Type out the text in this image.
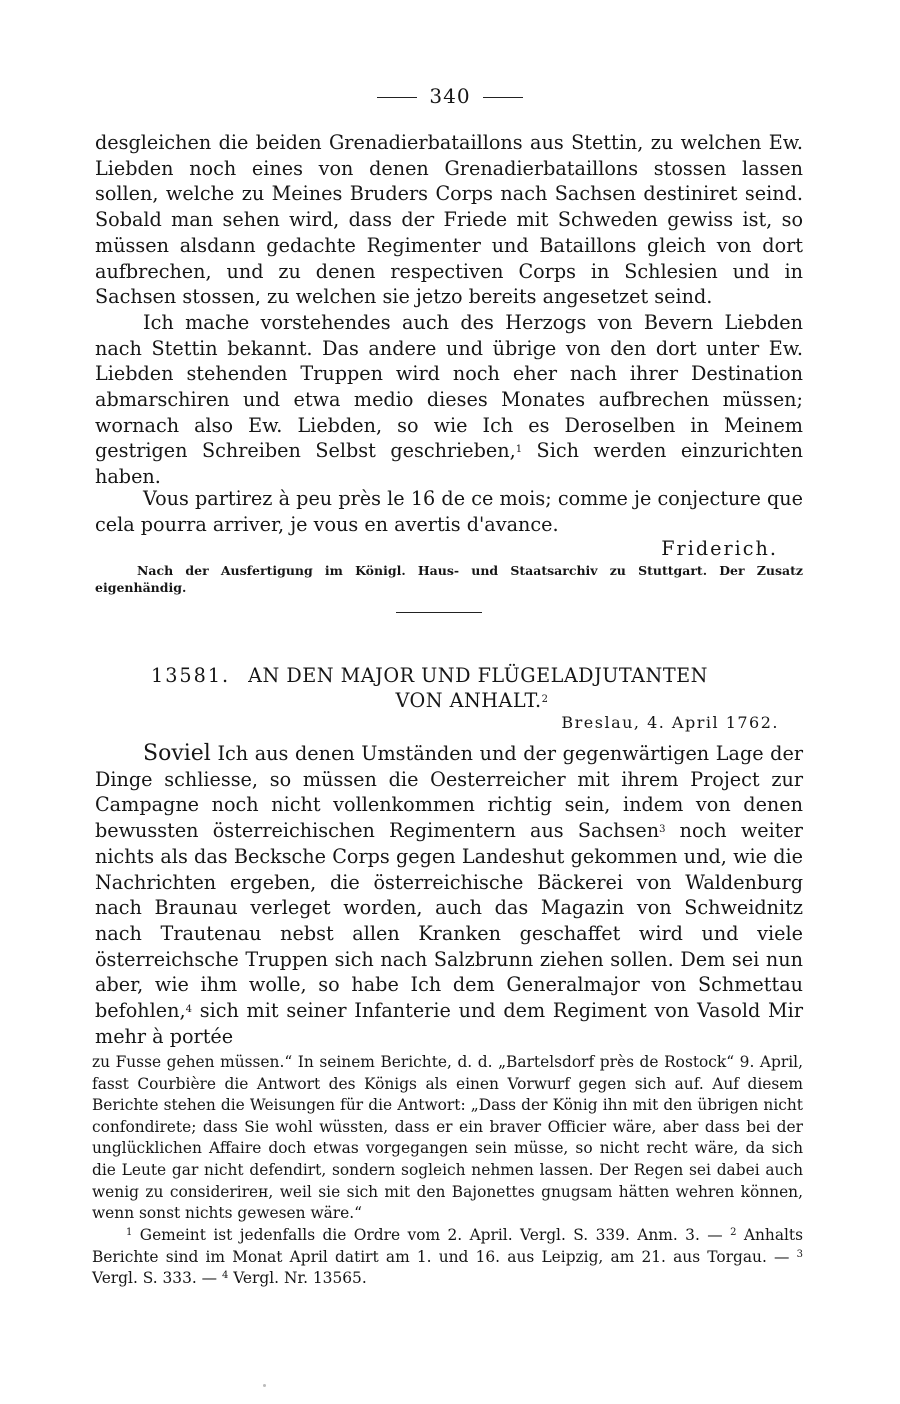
340

desgleichen die beiden Grenadierbataillons aus Stettin, zu welchen Ew. Liebden noch eines von denen Grenadierbataillons stossen lassen sollen, welche zu Meines Bruders Corps nach Sachsen destiniret seind. Sobald man sehen wird, dass der Friede mit Schweden gewiss ist, so müssen alsdann gedachte Regimenter und Bataillons gleich von dort aufbrechen, und zu denen respectiven Corps in Schlesien und in Sachsen stossen, zu welchen sie jetzo bereits angesetzet seind.

Ich mache vorstehendes auch des Herzogs von Bevern Liebden nach Stettin bekannt. Das andere und übrige von den dort unter Ew. Liebden stehenden Truppen wird noch eher nach ihrer Destination abmarschiren und etwa medio dieses Monates aufbrechen müssen; wornach also Ew. Liebden, so wie Ich es Deroselben in Meinem gestrigen Schreiben Selbst geschrieben,$^1$ Sich werden einzurichten haben.

Vous partirez à peu près le 16 de ce mois; comme je conjecture que cela pourra arriver, je vous en avertis d'avance.
Friderich.
Nach der Ausfertigung im Königl. Haus- und Staatsarchiv zu Stuttgart. Der Zusatz eigenhändig.
13581. AN DEN MAJOR UND FLÜGELADJUTANTEN
VON ANHALT.$^2$
Breslau, 4. April 1762.

Soviel Ich aus denen Umständen und der gegenwärtigen Lage der Dinge schliesse, so müssen die Oesterreicher mit ihrem Project zur Campagne noch nicht vollenkommen richtig sein, indem von denen bewussten österreichischen Regimentern aus Sachsen$^3$ noch weiter nichts als das Becksche Corps gegen Landeshut gekommen und, wie die Nachrichten ergeben, die österreichische Bäckerei von Waldenburg nach Braunau verleget worden, auch das Magazin von Schweidnitz nach Trautenau nebst allen Kranken geschaffet wird und viele österreichsche Truppen sich nach Salzbrunn ziehen sollen. Dem sei nun aber, wie ihm wolle, so habe Ich dem Generalmajor von Schmettau befohlen,$^4$ sich mit seiner Infanterie und dem Regiment von Vasold Mir mehr à portée

zu Fusse gehen müssen.“ In seinem Berichte, d. d. „Bartelsdorf près de Rostock“ 9. April, fasst Courbière die Antwort des Königs als einen Vorwurf gegen sich auf. Auf diesem Berichte stehen die Weisungen für die Antwort: „Dass der König ihn mit den übrigen nicht confondirete; dass Sie wohl wüssten, dass er ein braver Officier wäre, aber dass bei der unglücklichen Affaire doch etwas vorgegangen sein müsse, so nicht recht wäre, da sich die Leute gar nicht defendirt, sondern sogleich nehmen lassen. Der Regen sei dabei auch wenig zu considerirен, weil sie sich mit den Bajonettes gnugsam hätten wehren können, wenn sonst nichts gewesen wäre.“

$^1$ Gemeint ist jedenfalls die Ordre vom 2. April. Vergl. S. 339. Anm. 3. — $^2$ Anhalts Berichte sind im Monat April datirt am 1. und 16. aus Leipzig, am 21. aus Torgau. — $^3$ Vergl. S. 333. — $^4$ Vergl. Nr. 13565.
